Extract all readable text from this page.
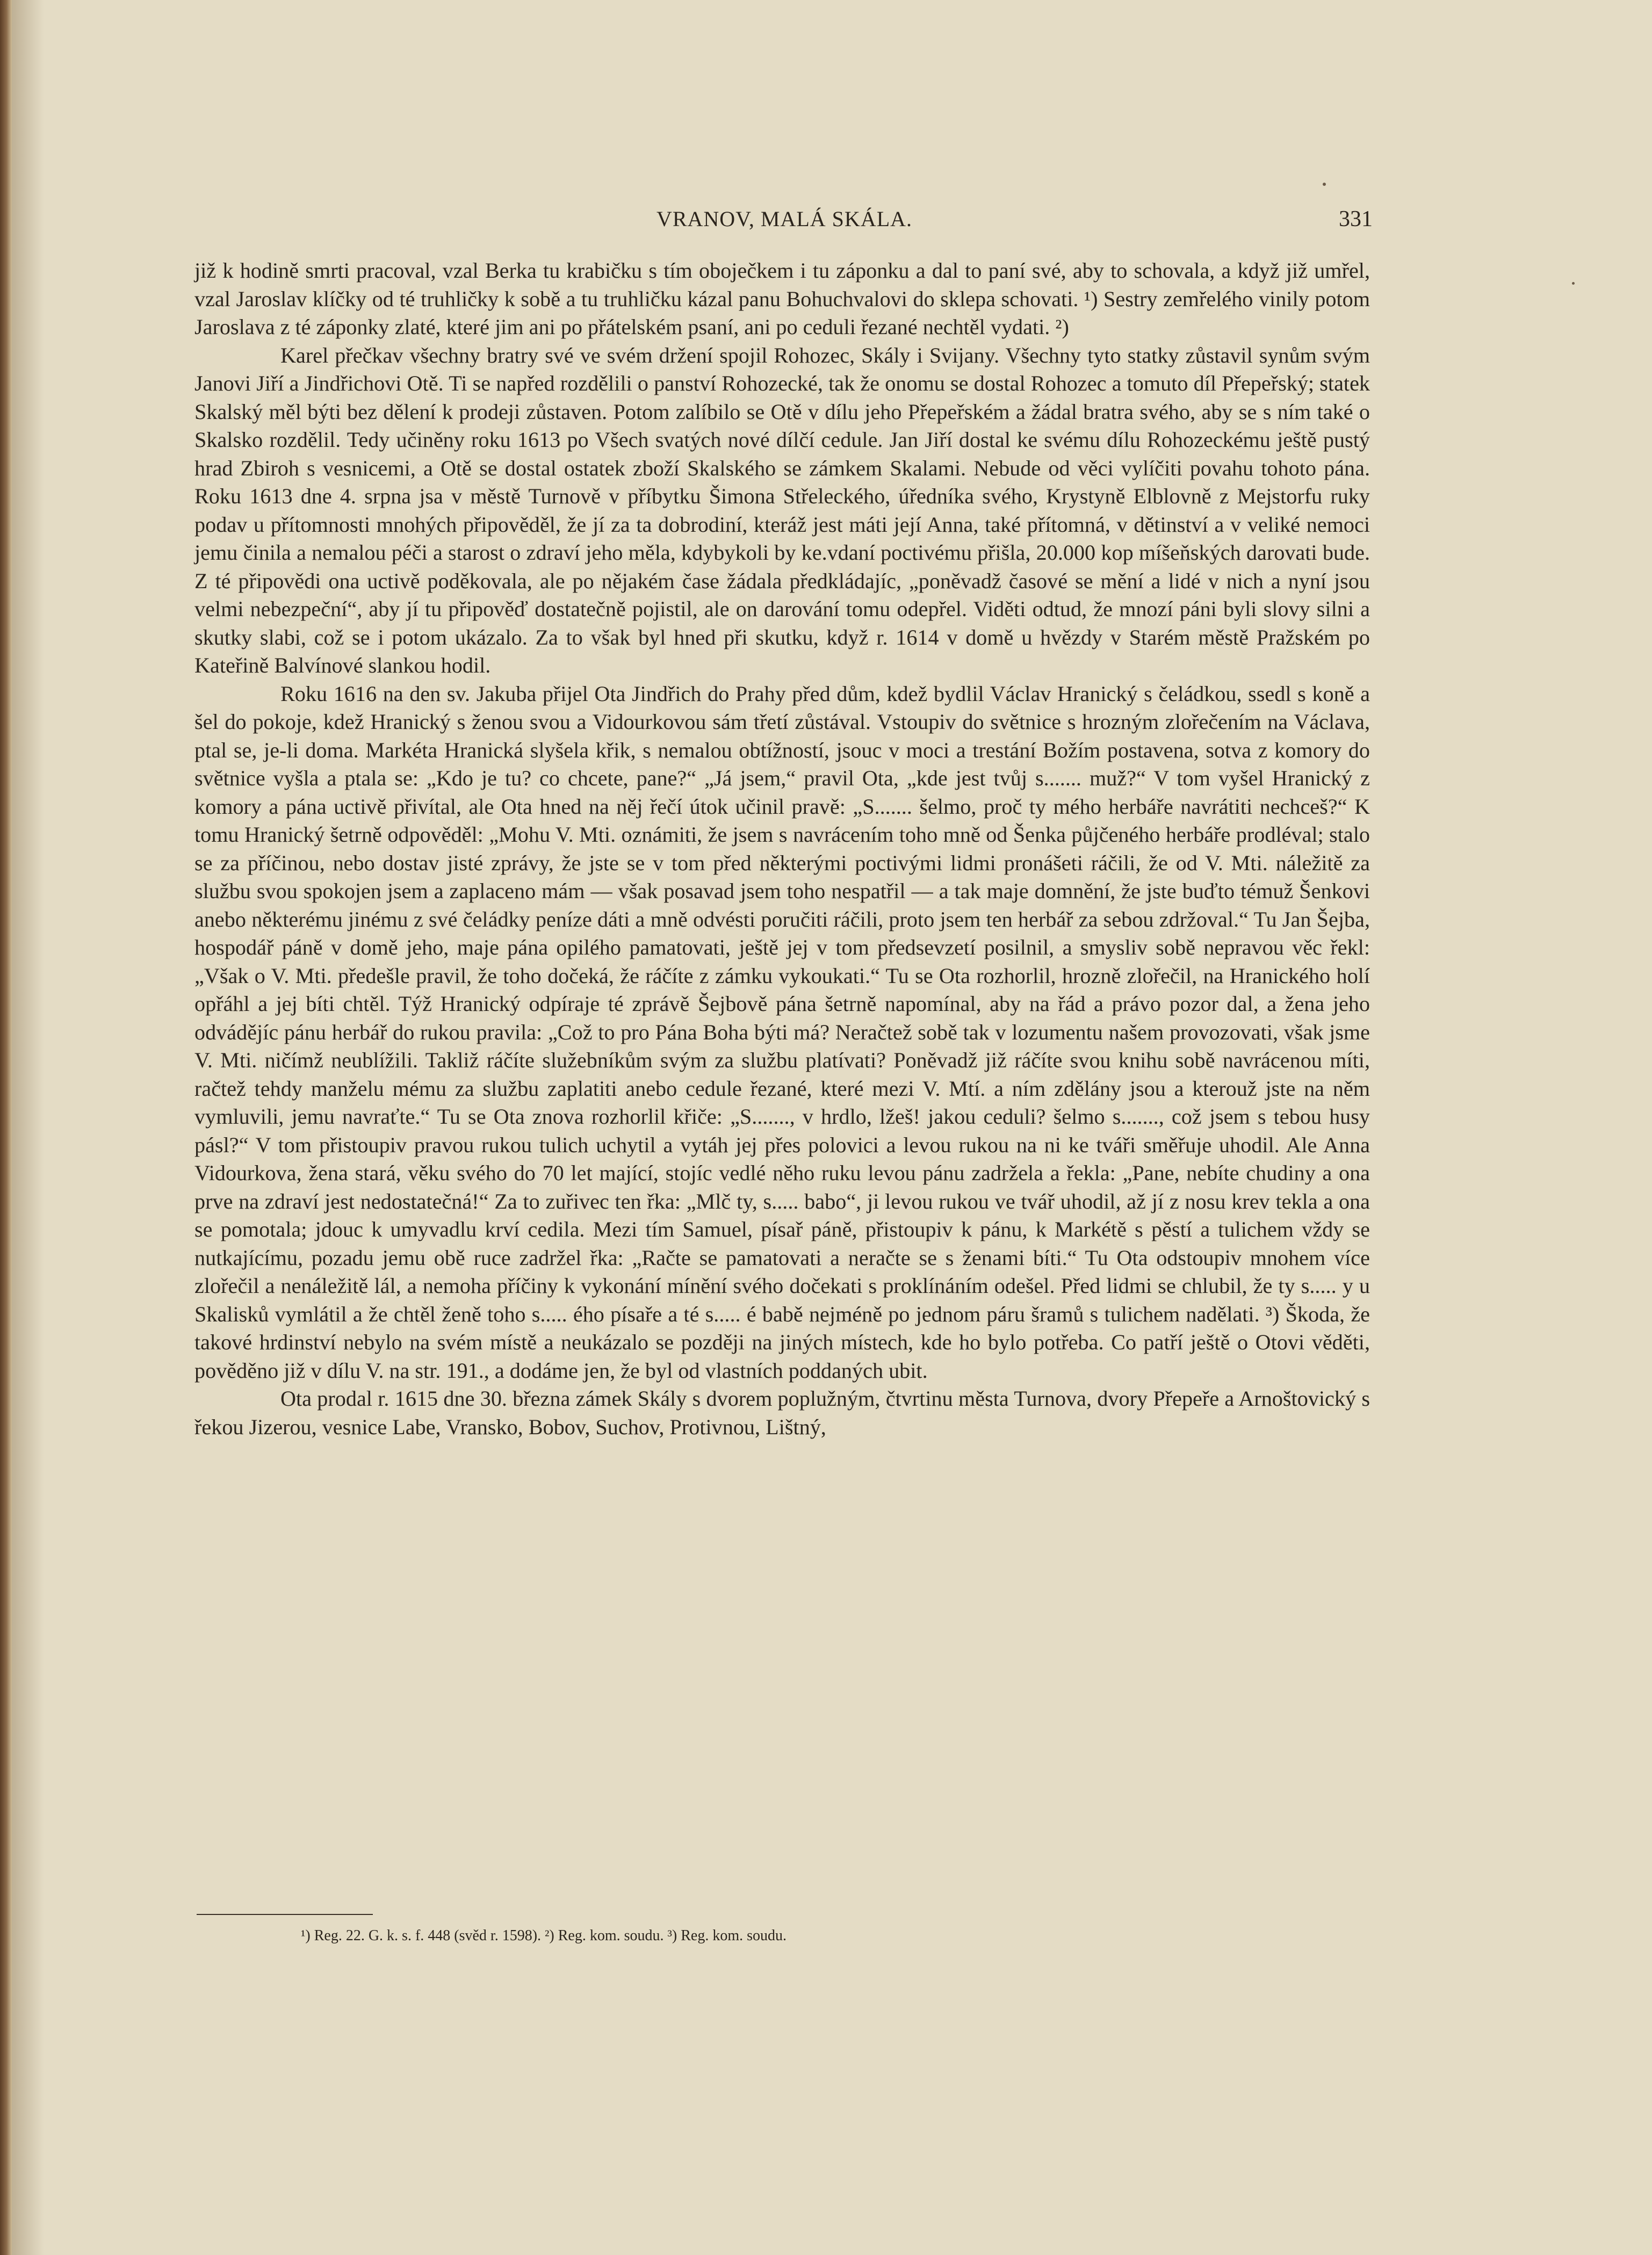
VRANOV, MALÁ SKÁLA.	331

již k hodině smrti pracoval, vzal Berka tu krabičku s tím oboječkem i tu záponku a dal to paní své, aby to schovala, a když již umřel, vzal Jaroslav klíčky od té truhličky k sobě a tu truhličku kázal panu Bohuchvalovi do sklepa schovati. ¹) Sestry zemřelého vinily potom Jaroslava z té záponky zlaté, které jim ani po přátelském psaní, ani po ceduli řezané nechtěl vydati. ²)

Karel přečkav všechny bratry své ve svém držení spojil Rohozec, Skály i Svijany. Všechny tyto statky zůstavil synům svým Janovi Jiří a Jindřichovi Otě. Ti se napřed rozdělili o panství Rohozecké, tak že onomu se dostal Rohozec a tomuto díl Přepeřský; statek Skalský měl býti bez dělení k prodeji zůstaven. Potom zalíbilo se Otě v dílu jeho Přepeřském a žádal bratra svého, aby se s ním také o Skalsko rozdělil. Tedy učiněny roku 1613 po Všech svatých nové dílčí cedule. Jan Jiří dostal ke svému dílu Rohozeckému ještě pustý hrad Zbiroh s vesnicemi, a Otě se dostal ostatek zboží Skalského se zámkem Skalami. Nebude od věci vylíčiti povahu tohoto pána. Roku 1613 dne 4. srpna jsa v městě Turnově v příbytku Šimona Střeleckého, úředníka svého, Krystyně Elblovně z Mejstorfu ruky podav u přítomnosti mnohých připověděl, že jí za ta dobrodiní, kteráž jest máti její Anna, také přítomná, v dětinství a v veliké nemoci jemu činila a nemalou péči a starost o zdraví jeho měla, kdybykoli by ke.vdaní poctivému přišla, 20.000 kop míšeňských darovati bude. Z té připovědi ona uctivě poděkovala, ale po nějakém čase žádala předkládajíc, „poněvadž časové se mění a lidé v nich a nyní jsou velmi nebezpeční“, aby jí tu připověď dostatečně pojistil, ale on darování tomu odepřel. Viděti odtud, že mnozí páni byli slovy silni a skutky slabi, což se i potom ukázalo. Za to však byl hned při skutku, když r. 1614 v domě u hvězdy v Starém městě Pražském po Kateřině Balvínové slankou hodil.

Roku 1616 na den sv. Jakuba přijel Ota Jindřich do Prahy před dům, kdež bydlil Václav Hranický s čeládkou, ssedl s koně a šel do pokoje, kdež Hranický s ženou svou a Vidourkovou sám třetí zůstával. Vstoupiv do světnice s hrozným zlořečením na Václava, ptal se, je-li doma. Markéta Hranická slyšela křik, s nemalou obtížností, jsouc v moci a trestání Božím postavena, sotva z komory do světnice vyšla a ptala se: „Kdo je tu? co chcete, pane?“ „Já jsem,“ pravil Ota, „kde jest tvůj s....... muž?“ V tom vyšel Hranický z komory a pána uctivě přivítal, ale Ota hned na něj řečí útok učinil pravě: „S....... šelmo, proč ty mého herbáře navrátiti nechceš?“ K tomu Hranický šetrně odpověděl: „Mohu V. Mti. oznámiti, že jsem s navrácením toho mně od Šenka půjčeného herbáře prodléval; stalo se za příčinou, nebo dostav jisté zprávy, že jste se v tom před některými poctivými lidmi pronášeti ráčili, že od V. Mti. náležitě za službu svou spokojen jsem a zaplaceno mám — však posavad jsem toho nespatřil — a tak maje domnění, že jste buďto témuž Šenkovi anebo některému jinému z své čeládky peníze dáti a mně odvésti poručiti ráčili, proto jsem ten herbář za sebou zdržoval.“ Tu Jan Šejba, hospodář páně v domě jeho, maje pána opilého pamatovati, ještě jej v tom předsevzetí posilnil, a smysliv sobě nepravou věc řekl: „Však o V. Mti. předešle pravil, že toho dočeká, že ráčíte z zámku vykoukati.“ Tu se Ota rozhorlil, hrozně zlořečil, na Hranického holí opřáhl a jej bíti chtěl. Týž Hranický odpíraje té zprávě Šejbově pána šetrně napomínal, aby na řád a právo pozor dal, a žena jeho odvádějíc pánu herbář do rukou pravila: „Což to pro Pána Boha býti má? Neračtež sobě tak v lozumentu našem provozovati, však jsme V. Mti. ničímž neublížili. Takliž ráčíte služebníkům svým za službu platívati? Poněvadž již ráčíte svou knihu sobě navrácenou míti, račtež tehdy manželu mému za službu zaplatiti anebo cedule řezané, které mezi V. Mtí. a ním zdělány jsou a kterouž jste na něm vymluvili, jemu navraťte.“ Tu se Ota znova rozhorlil křiče: „S......., v hrdlo, lžeš! jakou ceduli? šelmo s......., což jsem s tebou husy pásl?“ V tom přistoupiv pravou rukou tulich uchytil a vytáh jej přes polovici a levou rukou na ni ke tváři směřuje uhodil. Ale Anna Vidourkova, žena stará, věku svého do 70 let mající, stojíc vedlé něho ruku levou pánu zadržela a řekla: „Pane, nebíte chudiny a ona prve na zdraví jest nedostatečná!“ Za to zuřivec ten řka: „Mlč ty, s..... babo“, ji levou rukou ve tvář uhodil, až jí z nosu krev tekla a ona se pomotala; jdouc k umyvadlu krví cedila. Mezi tím Samuel, písař páně, přistoupiv k pánu, k Markétě s pěstí a tulichem vždy se nutkajícímu, pozadu jemu obě ruce zadržel řka: „Račte se pamatovati a neračte se s ženami bíti.“ Tu Ota odstoupiv mnohem více zlořečil a nenáležitě lál, a nemoha příčiny k vykonání mínění svého dočekati s proklínáním odešel. Před lidmi se chlubil, že ty s..... y u Skalisků vymlátil a že chtěl ženě toho s..... ého písaře a té s..... é babě nejméně po jednom páru šramů s tulichem nadělati. ³) Škoda, že takové hrdinství nebylo na svém místě a neukázalo se později na jiných místech, kde ho bylo potřeba. Co patří ještě o Otovi věděti, pověděno již v dílu V. na str. 191., a dodáme jen, že byl od vlastních poddaných ubit.

Ota prodal r. 1615 dne 30. března zámek Skály s dvorem poplužným, čtvrtinu města Turnova, dvory Přepeře a Arnoštovický s řekou Jizerou, vesnice Labe, Vransko, Bobov, Suchov, Protivnou, Lištný,

¹) Reg. 22. G. k. s. f. 448 (svěd r. 1598). ²) Reg. kom. soudu. ³) Reg. kom. soudu.
